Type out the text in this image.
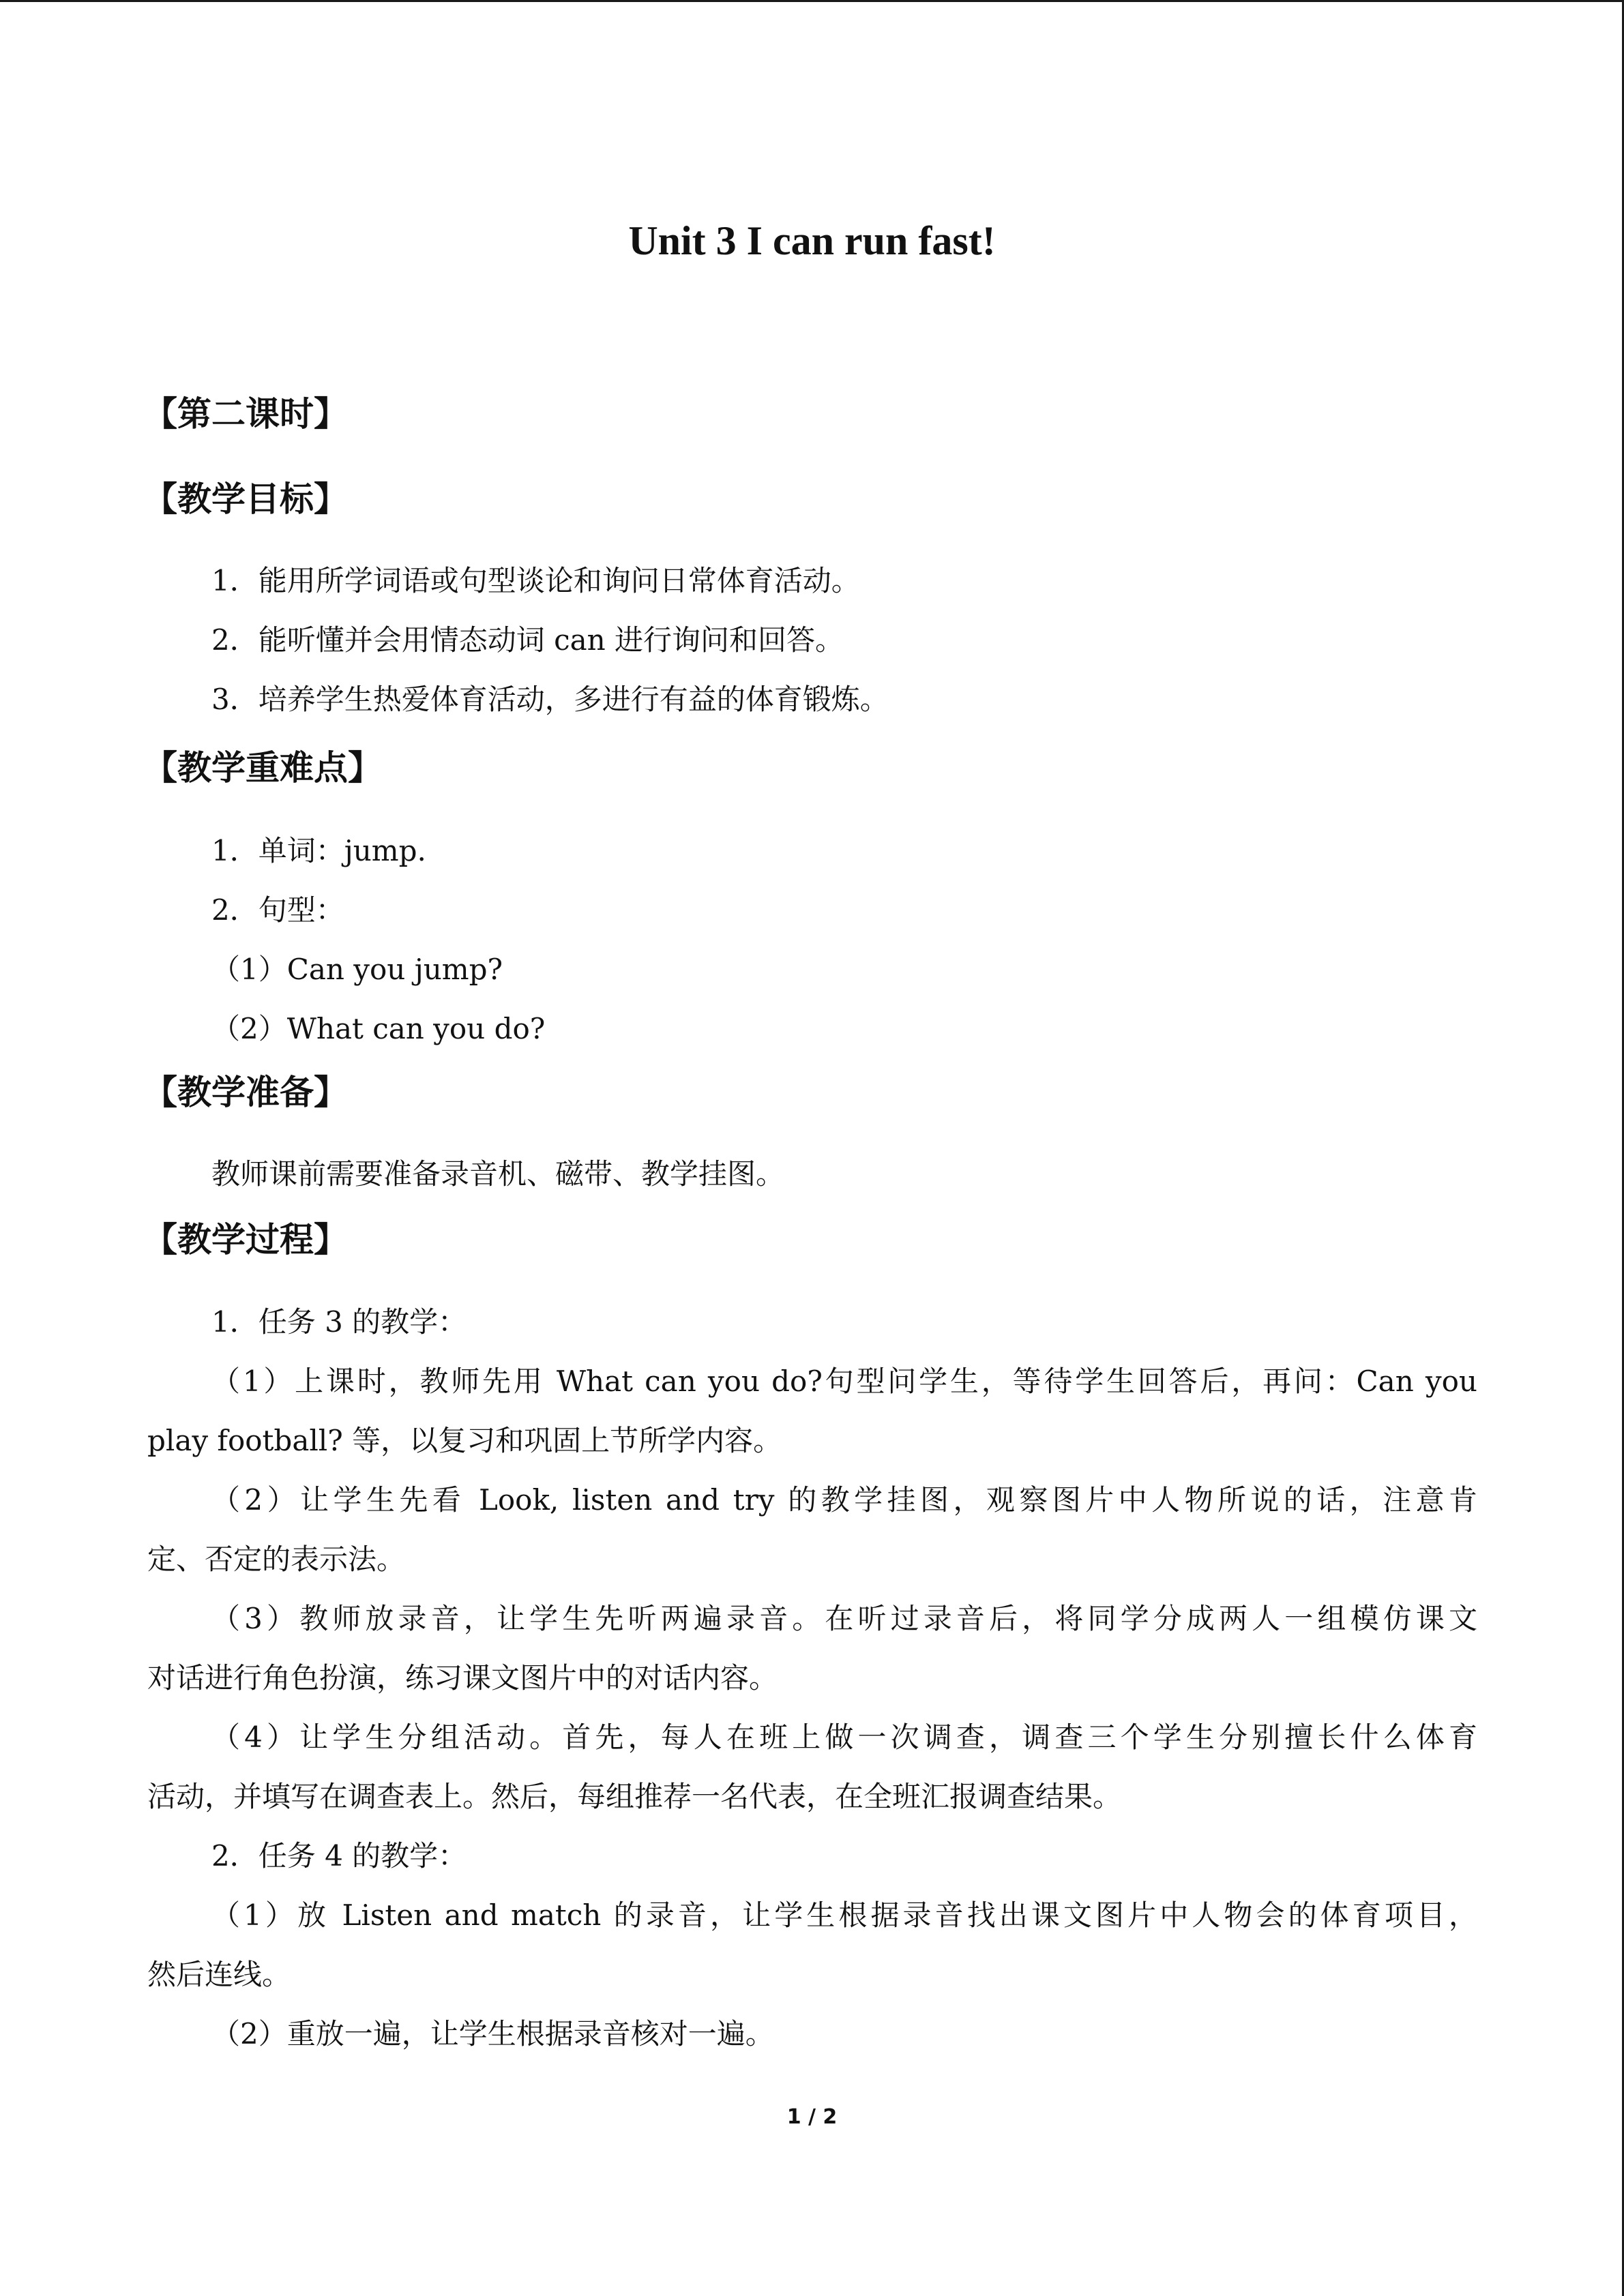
Unit 3 I can run fast!
【第二课时】
【教学目标】
1．能用所学词语或句型谈论和询问日常体育活动。
2．能听懂并会用情态动词 can 进行询问和回答。
3．培养学生热爱体育活动，多进行有益的体育锻炼。
【教学重难点】
1．单词：jump.
2．句型：
（1）Can you jump?
（2）What can you do?
【教学准备】
教师课前需要准备录音机、磁带、教学挂图。
【教学过程】
1．任务 3 的教学：
（1）上课时，教师先用 What can you do?句型问学生，等待学生回答后，再问：Can you
play football? 等，以复习和巩固上节所学内容。
（2）让学生先看 Look, listen and try 的教学挂图，观察图片中人物所说的话，注意肯
定、否定的表示法。
（3）教师放录音，让学生先听两遍录音。在听过录音后，将同学分成两人一组模仿课文
对话进行角色扮演，练习课文图片中的对话内容。
（4）让学生分组活动。首先，每人在班上做一次调查，调查三个学生分别擅长什么体育
活动，并填写在调查表上。然后，每组推荐一名代表，在全班汇报调查结果。
2．任务 4 的教学：
（1）放 Listen and match 的录音，让学生根据录音找出课文图片中人物会的体育项目，
然后连线。
（2）重放一遍，让学生根据录音核对一遍。
1 / 2
